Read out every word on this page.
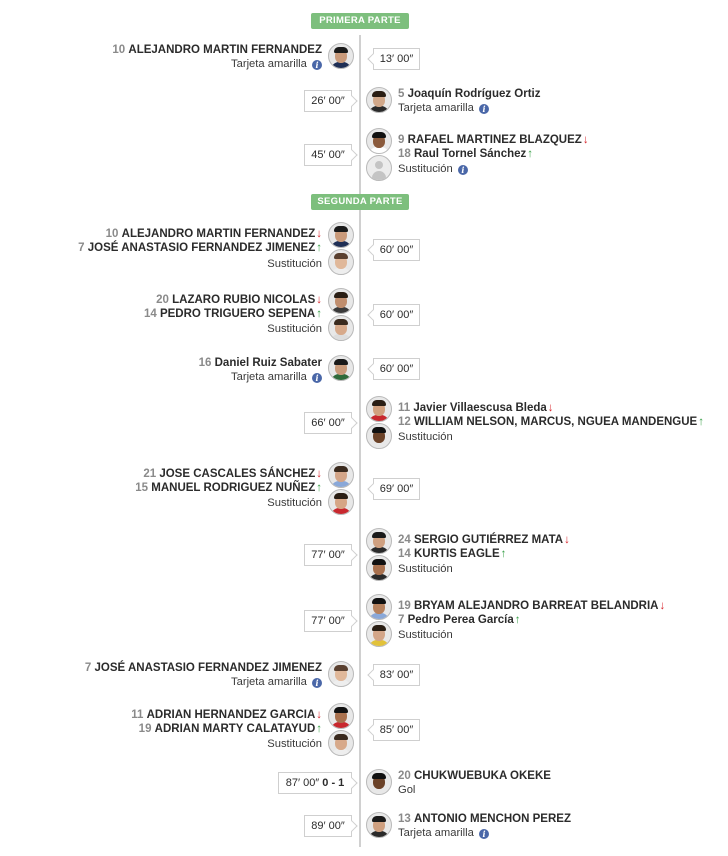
PRIMERA PARTE
SEGUNDA PARTE
10 ALEJANDRO MARTIN FERNANDEZ
Tarjeta amarilla i	13′ 00″
5 Joaquín Rodríguez Ortiz
Tarjeta amarilla i
26′ 00″
9 RAFAEL MARTINEZ BLAZQUEZ↓
18 Raul Tornel Sánchez↑
Sustitución i
45′ 00″
10 ALEJANDRO MARTIN FERNANDEZ↓
7 JOSÉ ANASTASIO FERNANDEZ JIMENEZ↑
Sustitución
60′ 00″
20 LAZARO RUBIO NICOLAS↓
14 PEDRO TRIGUERO SEPENA↑
Sustitución
60′ 00″
16 Daniel Ruiz Sabater
Tarjeta amarilla i
60′ 00″
11 Javier Villaescusa Bleda↓
12 WILLIAM NELSON, MARCUS, NGUEA MANDENGUE↑
Sustitución
66′ 00″
21 JOSE CASCALES SÁNCHEZ↓
15 MANUEL RODRIGUEZ NUÑEZ↑
Sustitución
69′ 00″
24 SERGIO GUTIÉRREZ MATA↓
14 KURTIS EAGLE↑
Sustitución
77′ 00″
19 BRYAM ALEJANDRO BARREAT BELANDRIA↓
7 Pedro Perea García↑
Sustitución
77′ 00″
7 JOSÉ ANASTASIO FERNANDEZ JIMENEZ
Tarjeta amarilla i
83′ 00″
11 ADRIAN HERNANDEZ GARCIA↓
19 ADRIAN MARTY CALATAYUD↑
Sustitución
85′ 00″
20 CHUKWUEBUKA OKEKE
Gol
87′ 00″ 0 - 1
13 ANTONIO MENCHON PEREZ
Tarjeta amarilla i
89′ 00″
